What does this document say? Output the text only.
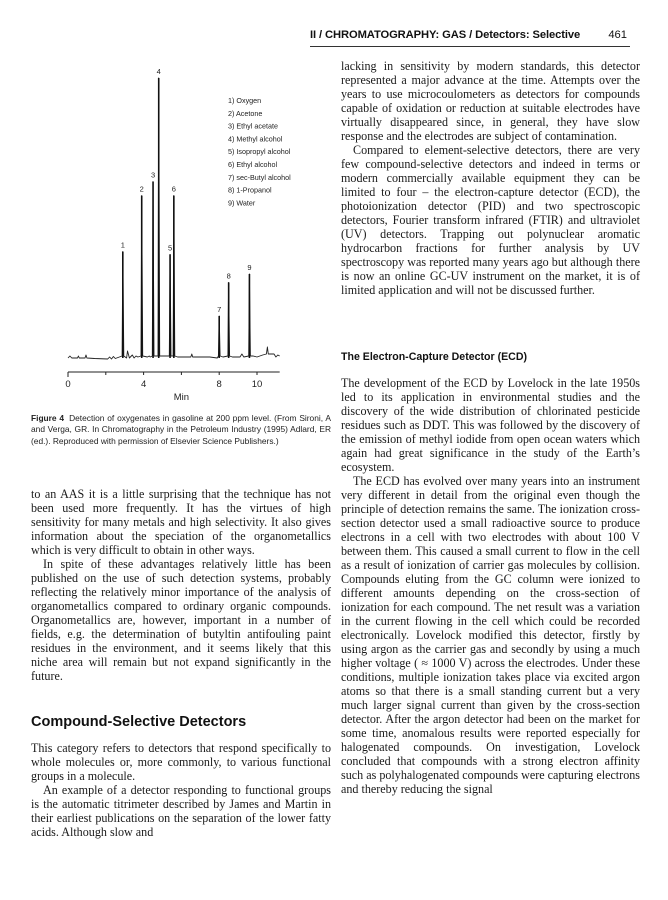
II / CHROMATOGRAPHY: GAS / Detectors: Selective	461
1) Oxygen
2) Acetone
3) Ethyl acetate
4) Methyl alcohol
5) Isopropyl alcohol
6) Ethyl alcohol
7) sec-Butyl alcohol
8) 1-Propanol
9) Water
1
2
3
4
5
6
7
8
9
0	4	8	10
Min
Figure 4 Detection of oxygenates in gasoline at 200 ppm level. (From Sironi, A and Verga, GR. In Chromatography in the Petroleum Industry (1995) Adlard, ER (ed.). Reproduced with permission of Elsevier Science Publishers.)

to an AAS it is a little surprising that the technique has not been used more frequently. It has the virtues of high sensitivity for many metals and high selectivity. It also gives information about the speciation of the organometallics which is very difficult to obtain in other ways.

In spite of these advantages relatively little has been published on the use of such detection systems, probably reflecting the relatively minor importance of the analysis of organometallics compared to ordinary organic compounds. Organometallics are, however, important in a number of fields, e.g. the determination of butyltin antifouling paint residues in the environment, and it seems likely that this niche area will remain but not expand significantly in the future.

Compound-Selective Detectors

This category refers to detectors that respond specifically to whole molecules or, more commonly, to various functional groups in a molecule.

An example of a detector responding to functional groups is the automatic titrimeter described by James and Martin in their earliest publications on the separation of the lower fatty acids. Although slow and

lacking in sensitivity by modern standards, this detector represented a major advance at the time. Attempts over the years to use microcoulometers as detectors for compounds capable of oxidation or reduction at suitable electrodes have virtually disappeared since, in general, they have slow response and the electrodes are subject of contamination.

Compared to element-selective detectors, there are very few compound-selective detectors and indeed in terms or modern commercially available equipment they can be limited to four – the electron-capture detector (ECD), the photoionization detector (PID) and two spectroscopic detectors, Fourier transform infrared (FTIR) and ultraviolet (UV) detectors. Trapping out polynuclear aromatic hydrocarbon fractions for further analysis by UV spectroscopy was reported many years ago but although there is now an online GC-UV instrument on the market, it is of limited application and will not be discussed further.

The Electron-Capture Detector (ECD)

The development of the ECD by Lovelock in the late 1950s led to its application in environmental studies and the discovery of the wide distribution of chlorinated pesticide residues such as DDT. This was followed by the discovery of the emission of methyl iodide from open ocean waters which again had great significance in the study of the Earth’s ecosystem.

The ECD has evolved over many years into an instrument very different in detail from the original even though the principle of detection remains the same. The ionization cross-section detector used a small radioactive source to produce electrons in a cell with two electrodes with about 100 V between them. This caused a small current to flow in the cell as a result of ionization of carrier gas molecules by collision. Compounds eluting from the GC column were ionized to different amounts depending on the cross-section of ionization for each compound. The net result was a variation in the current flowing in the cell which could be recorded electronically. Lovelock modified this detector, firstly by using argon as the carrier gas and secondly by using a much higher voltage ( ≈ 1000 V) across the electrodes. Under these conditions, multiple ionization takes place via excited argon atoms so that there is a small standing current but a very much larger signal current than given by the cross-section detector. After the argon detector had been on the market for some time, anomalous results were reported especially for halogenated compounds. On investigation, Lovelock concluded that compounds with a strong electron affinity such as polyhalogenated compounds were capturing electrons and thereby reducing the signal
